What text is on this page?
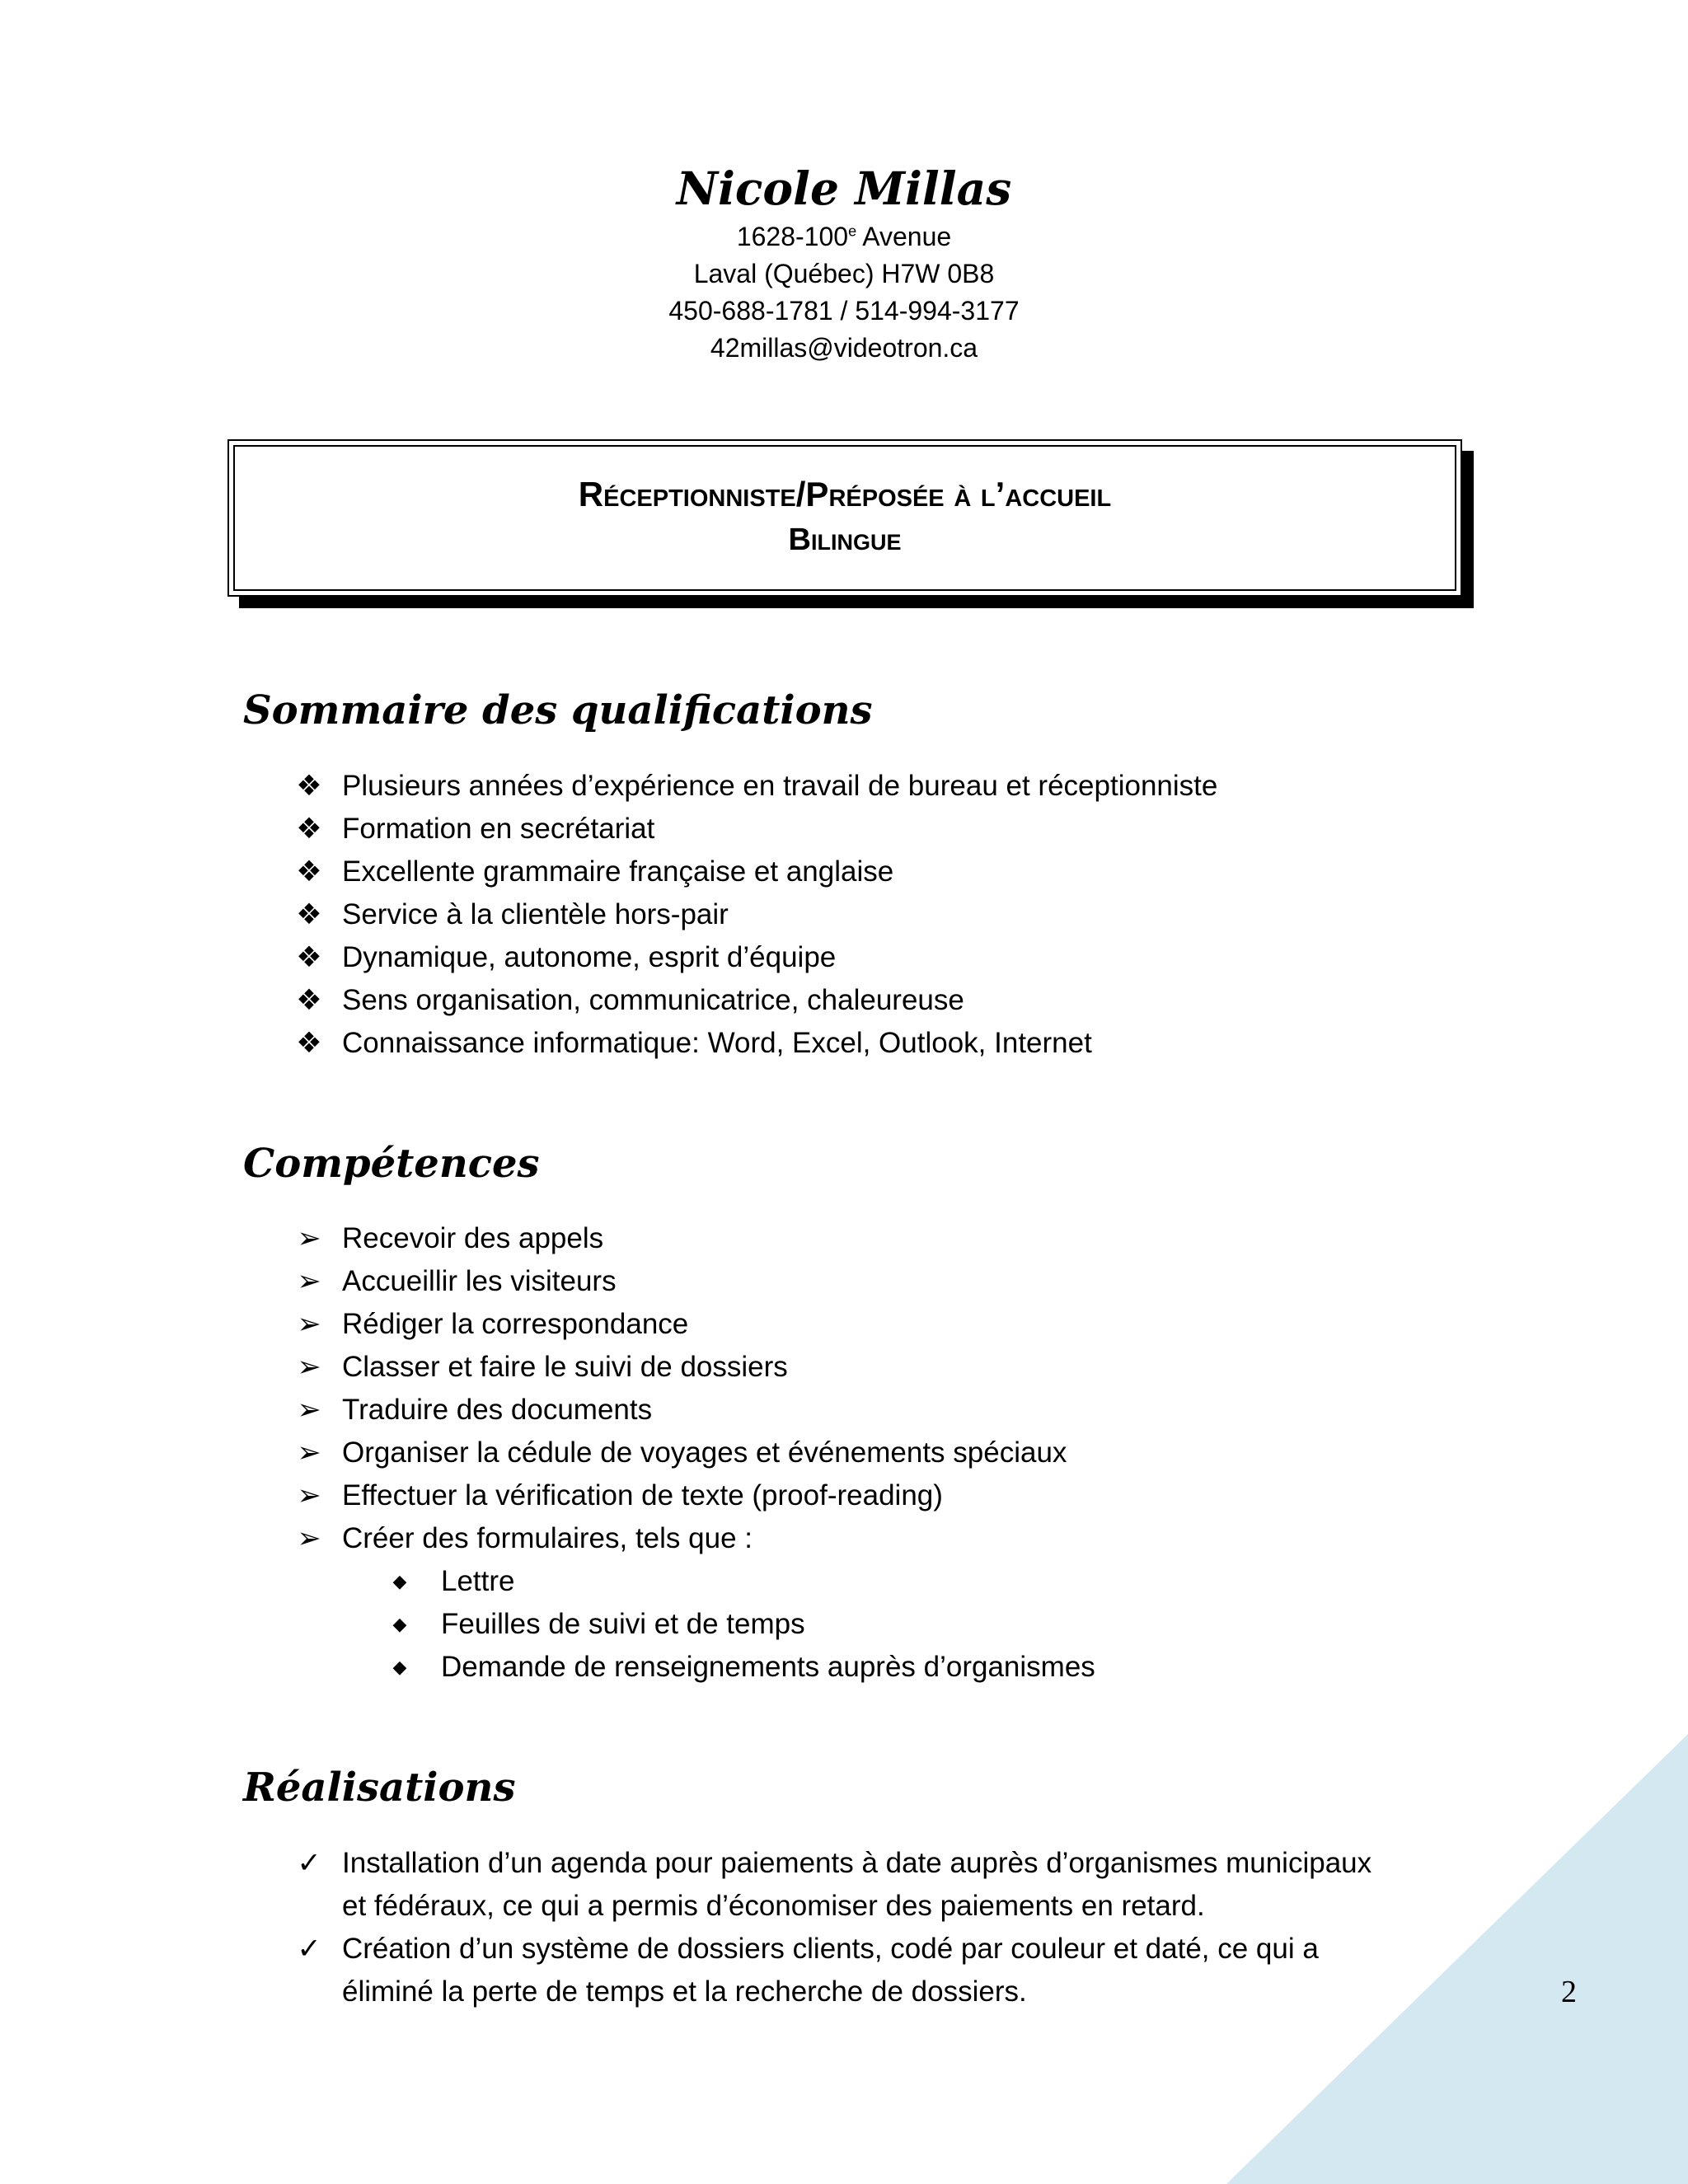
Nicole Millas
1628-100e Avenue
Laval (Québec) H7W 0B8
450-688-1781 / 514-994-3177
42millas@videotron.ca
Réceptionniste/Préposée à l’accueil
Bilingue
Sommaire des qualifications
❖ Plusieurs années d’expérience en travail de bureau et réceptionniste
❖ Formation en secrétariat
❖ Excellente grammaire française et anglaise
❖ Service à la clientèle hors-pair
❖ Dynamique, autonome, esprit d’équipe
❖ Sens organisation, communicatrice, chaleureuse
❖ Connaissance informatique: Word, Excel, Outlook, Internet
Compétences
➢ Recevoir des appels
➢ Accueillir les visiteurs
➢ Rédiger la correspondance
➢ Classer et faire le suivi de dossiers
➢ Traduire des documents
➢ Organiser la cédule de voyages et événements spéciaux
➢ Effectuer la vérification de texte (proof-reading)
➢ Créer des formulaires, tels que :
◆ Lettre
◆ Feuilles de suivi et de temps
◆ Demande de renseignements auprès d’organismes
Réalisations
✓ Installation d’un agenda pour paiements à date auprès d’organismes municipaux
et fédéraux, ce qui a permis d’économiser des paiements en retard.
✓ Création d’un système de dossiers clients, codé par couleur et daté, ce qui a
éliminé la perte de temps et la recherche de dossiers.	2
